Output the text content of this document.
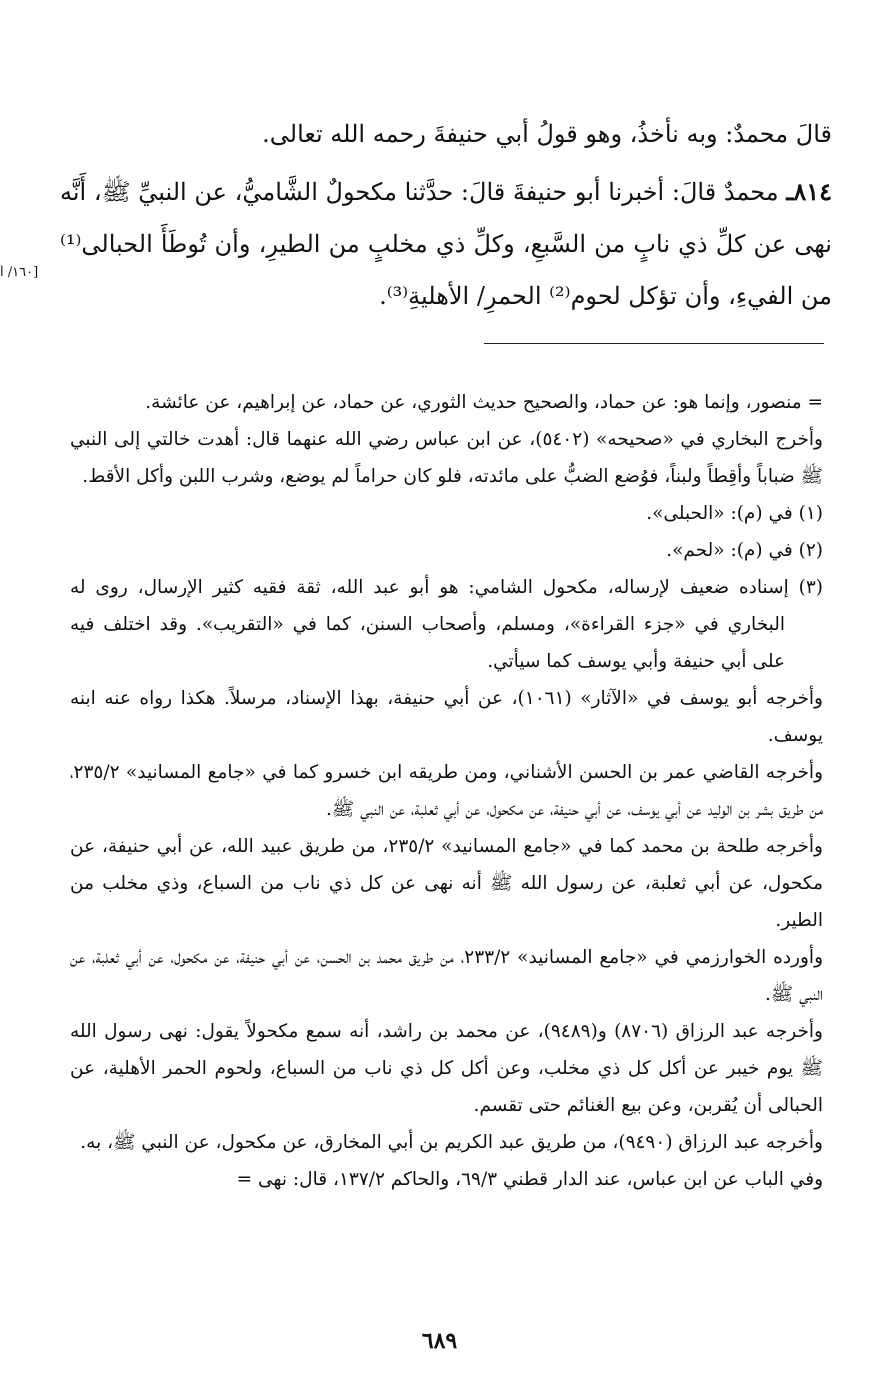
قالَ محمدٌ: وبه نأخذُ، وهو قولُ أبي حنيفةَ رحمه الله تعالى.

٨١٤ـ محمدٌ قالَ: أخبرنا أبو حنيفةَ قالَ: حدَّثنا مكحولٌ الشَّاميُّ، عن النبيِّ ﷺ، أَنَّه نهى عن كلِّ ذي نابٍ من السَّبعِ، وكلِّ ذي مخلبٍ من الطيرِ، وأن تُوطَأَ الحبالى⁽¹⁾ من الفيءِ، وأن تؤكل لحوم⁽²⁾ الحمرِ/ الأهليةِ⁽³⁾.

[١٦٠/ أ

= منصور، وإنما هو: عن حماد، والصحيح حديث الثوري، عن حماد، عن إبراهيم، عن عائشة.

وأخرج البخاري في «صحيحه» (٥٤٠٢)، عن ابن عباس رضي الله عنهما قال: أهدت خالتي إلى النبي ﷺ ضباباً وأقِطاً ولبناً، فوُضع الضبُّ على مائدته، فلو كان حراماً لم يوضع، وشرب اللبن وأكل الأقط.

(١) في (م): «الحبلى».

(٢) في (م): «لحم».

(٣) إسناده ضعيف لإرساله، مكحول الشامي: هو أبو عبد الله، ثقة فقيه كثير الإرسال، روى له البخاري في «جزء القراءة»، ومسلم، وأصحاب السنن، كما في «التقريب». وقد اختلف فيه على أبي حنيفة وأبي يوسف كما سيأتي.

وأخرجه أبو يوسف في «الآثار» (١٠٦١)، عن أبي حنيفة، بهذا الإسناد، مرسلاً. هكذا رواه عنه ابنه يوسف.

وأخرجه القاضي عمر بن الحسن الأشناني، ومن طريقه ابن خسرو كما في «جامع المسانيد» ٢٣٥/٢، من طريق بشر بن الوليد عن أبي يوسف، عن أبي حنيفة، عن مكحول، عن أبي ثعلبة، عن النبي ﷺ.

وأخرجه طلحة بن محمد كما في «جامع المسانيد» ٢٣٥/٢، من طريق عبيد الله، عن أبي حنيفة، عن مكحول، عن أبي ثعلبة، عن رسول الله ﷺ أنه نهى عن كل ذي ناب من السباع، وذي مخلب من الطير.

وأورده الخوارزمي في «جامع المسانيد» ٢٣٣/٢، من طريق محمد بن الحسن، عن أبي حنيفة، عن مكحول، عن أبي ثعلبة، عن النبي ﷺ.

وأخرجه عبد الرزاق (٨٧٠٦) و(٩٤٨٩)، عن محمد بن راشد، أنه سمع مكحولاً يقول: نهى رسول الله ﷺ يوم خيبر عن أكل كل ذي مخلب، وعن أكل كل ذي ناب من السباع، ولحوم الحمر الأهلية، عن الحبالى أن يُقربن، وعن بيع الغنائم حتى تقسم.

وأخرجه عبد الرزاق (٩٤٩٠)، من طريق عبد الكريم بن أبي المخارق، عن مكحول، عن النبي ﷺ، به.

وفي الباب عن ابن عباس، عند الدار قطني ٦٩/٣، والحاكم ١٣٧/٢، قال: نهى =

٦٨٩
